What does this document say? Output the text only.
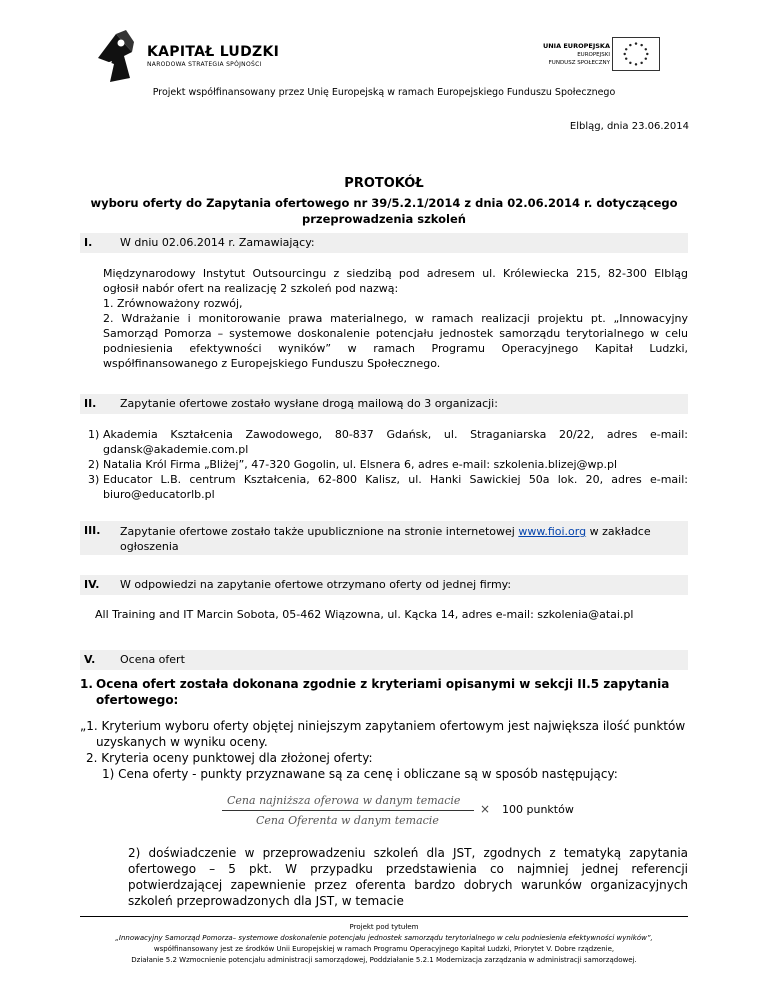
KAPITAŁ LUDZKI
NARODOWA STRATEGIA SPÓJNOŚCI
UNIA EUROPEJSKA
EUROPEJSKI
FUNDUSZ SPOŁECZNY
Projekt współfinansowany przez Unię Europejską w ramach Europejskiego Funduszu Społecznego
Elbląg, dnia 23.06.2014
PROTOKÓŁ
wyboru oferty do Zapytania ofertowego nr 39/5.2.1/2014 z dnia 02.06.2014 r. dotyczącego
przeprowadzenia szkoleń
I.	W dniu 02.06.2014 r. Zamawiający:
Międzynarodowy Instytut Outsourcingu z siedzibą pod adresem ul. Królewiecka 215, 82-300 Elbląg
ogłosił nabór ofert na realizację 2 szkoleń pod nazwą:
1. Zrównoważony rozwój,
2. Wdrażanie i monitorowanie prawa materialnego, w ramach realizacji projektu pt. „Innowacyjny
Samorząd Pomorza – systemowe doskonalenie potencjału jednostek samorządu terytorialnego w celu
podniesienia efektywności wyników” w ramach Programu Operacyjnego Kapitał Ludzki,
współfinansowanego z Europejskiego Funduszu Społecznego.
II. Zapytanie ofertowe zostało wysłane drogą mailową do 3 organizacji:
1) Akademia Kształcenia Zawodowego, 80-837 Gdańsk, ul. Straganiarska 20/22, adres e-mail: gdansk@akademie.com.pl
2) Natalia Król Firma „Bliżej”, 47-320 Gogolin, ul. Elsnera 6, adres e-mail: szkolenia.blizej@wp.pl
3) Educator L.B. centrum Kształcenia, 62-800 Kalisz, ul. Hanki Sawickiej 50a lok. 20, adres e-mail: biuro@educatorlb.pl
III. Zapytanie ofertowe zostało także upublicznione na stronie internetowej www.fioi.org w zakładce ogłoszenia
IV. W odpowiedzi na zapytanie ofertowe otrzymano oferty od jednej firmy:
All Training and IT Marcin Sobota, 05-462 Wiązowna, ul. Kącka 14, adres e-mail: szkolenia@atai.pl
V. Ocena ofert
1. Ocena ofert została dokonana zgodnie z kryteriami opisanymi w sekcji II.5 zapytania ofertowego:
„1. Kryterium wyboru oferty objętej niniejszym zapytaniem ofertowym jest największa ilość punktów
uzyskanych w wyniku oceny.
2. Kryteria oceny punktowej dla złożonej oferty:
1) Cena oferty - punkty przyznawane są za cenę i obliczane są w sposób następujący:
Cena najniższa oferowa w danym temacie
Cena Oferenta w danym temacie
× 100 punktów
2) doświadczenie w przeprowadzeniu szkoleń dla JST, zgodnych z tematyką zapytania ofertowego – 5 pkt. W przypadku przedstawienia co najmniej jednej referencji potwierdzającej zapewnienie przez oferenta bardzo dobrych warunków organizacyjnych szkoleń przeprowadzonych dla JST, w temacie
Projekt pod tytułem
„Innowacyjny Samorząd Pomorza– systemowe doskonalenie potencjału jednostek samorządu terytorialnego w celu podniesienia efektywności wyników”,
współfinansowany jest ze środków Unii Europejskiej w ramach Programu Operacyjnego Kapitał Ludzki, Priorytet V. Dobre rządzenie,
Działanie 5.2 Wzmocnienie potencjału administracji samorządowej, Poddziałanie 5.2.1 Modernizacja zarządzania w administracji samorządowej.
